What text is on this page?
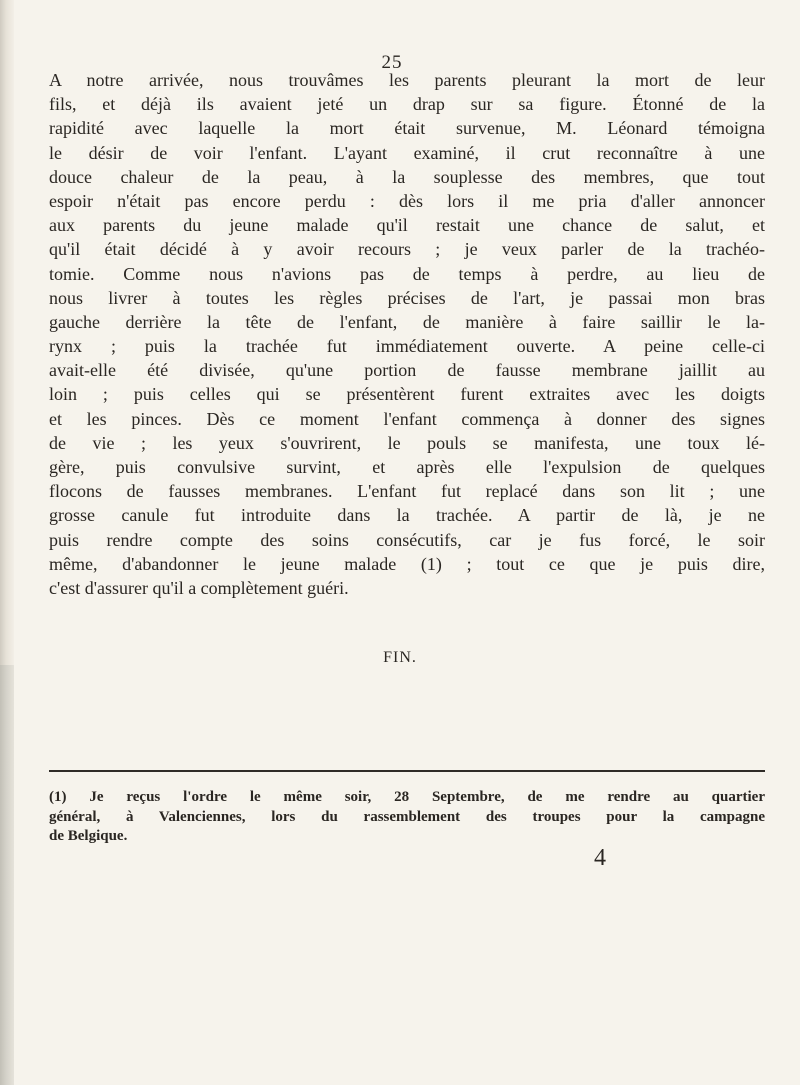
25
A notre arrivée, nous trouvâmes les parents pleurant la mort de leur
fils, et déjà ils avaient jeté un drap sur sa figure. Étonné de la
rapidité avec laquelle la mort était survenue, M. Léonard témoigna
le désir de voir l'enfant. L'ayant examiné, il crut reconnaître à une
douce chaleur de la peau, à la souplesse des membres, que tout
espoir n'était pas encore perdu : dès lors il me pria d'aller annoncer
aux parents du jeune malade qu'il restait une chance de salut, et
qu'il était décidé à y avoir recours ; je veux parler de la trachéo-
tomie. Comme nous n'avions pas de temps à perdre, au lieu de
nous livrer à toutes les règles précises de l'art, je passai mon bras
gauche derrière la tête de l'enfant, de manière à faire saillir le la-
rynx ; puis la trachée fut immédiatement ouverte. A peine celle-ci
avait-elle été divisée, qu'une portion de fausse membrane jaillit au
loin ; puis celles qui se présentèrent furent extraites avec les doigts
et les pinces. Dès ce moment l'enfant commença à donner des signes
de vie ; les yeux s'ouvrirent, le pouls se manifesta, une toux lé-
gère, puis convulsive survint, et après elle l'expulsion de quelques
flocons de fausses membranes. L'enfant fut replacé dans son lit ; une
grosse canule fut introduite dans la trachée. A partir de là, je ne
puis rendre compte des soins consécutifs, car je fus forcé, le soir
même, d'abandonner le jeune malade (1) ; tout ce que je puis dire,
c'est d'assurer qu'il a complètement guéri.
FIN.
(1) Je reçus l'ordre le même soir, 28 Septembre, de me rendre au quartier
général, à Valenciennes, lors du rassemblement des troupes pour la campagne
de Belgique.
4
